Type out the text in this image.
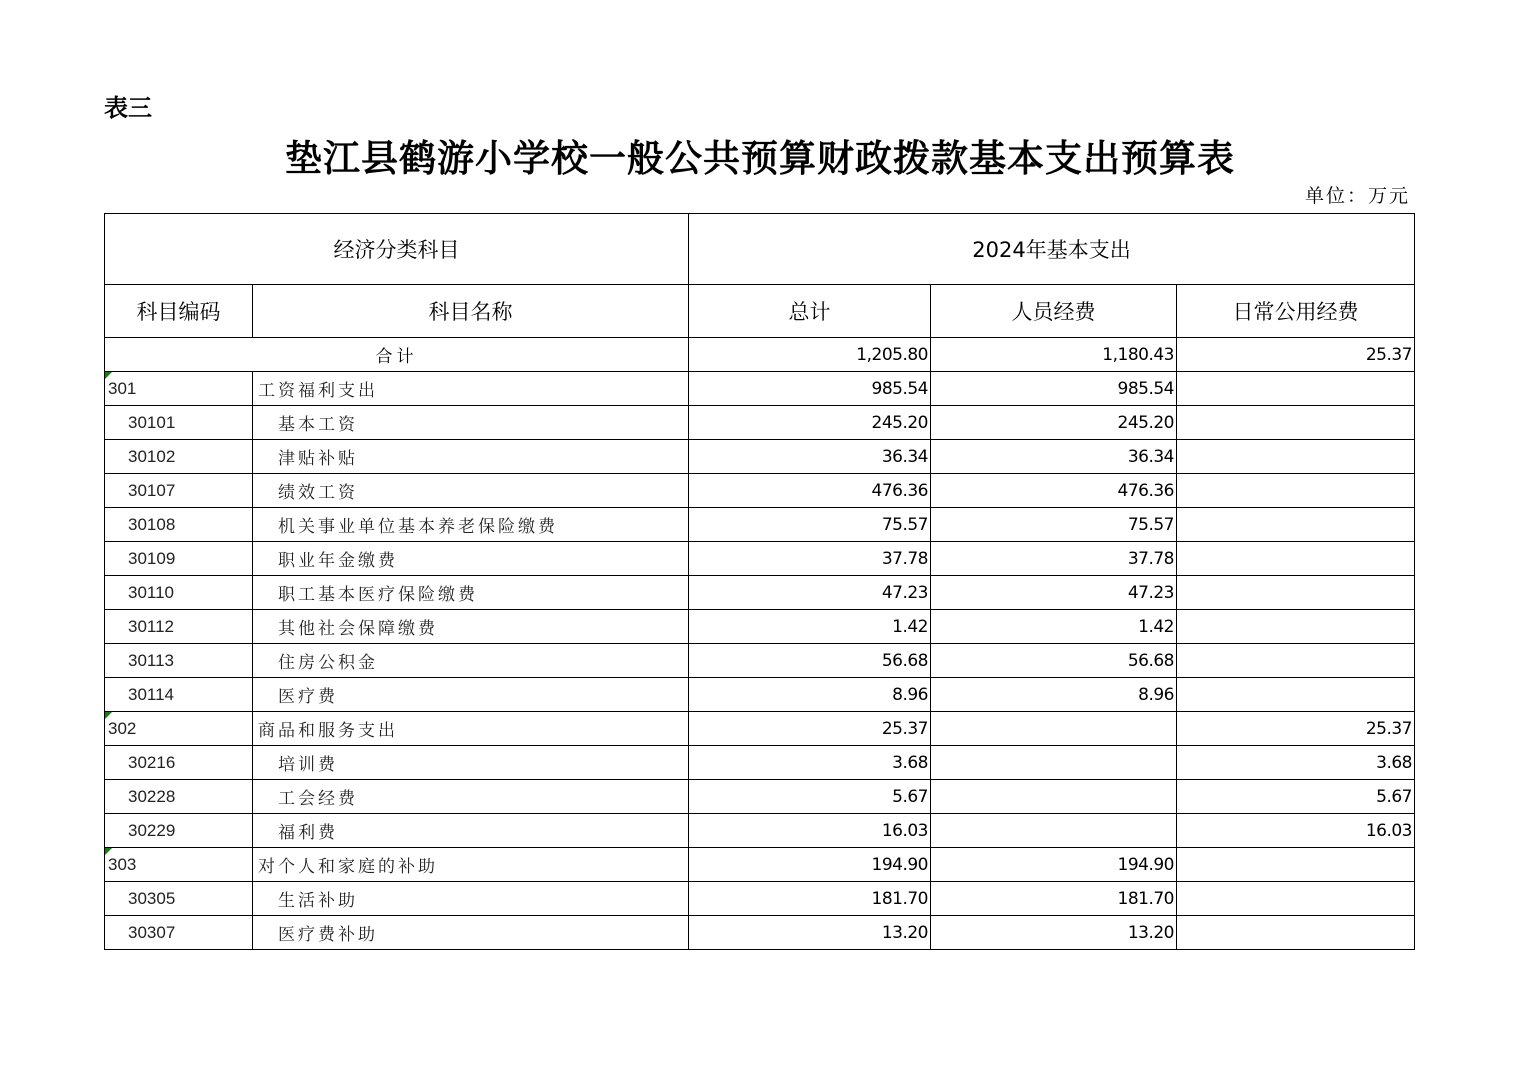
表三
垫江县鹤游小学校一般公共预算财政拨款基本支出预算表
单位：万元
经济分类科目		2024年基本支出		
科目编码	科目名称	总计	人员经费	日常公用经费
合计		1,205.80	1,180.43	25.37
301	工资福利支出	985.54	985.54	
30101	基本工资	245.20	245.20	
30102	津贴补贴	36.34	36.34	
30107	绩效工资	476.36	476.36	
30108	机关事业单位基本养老保险缴费	75.57	75.57	
30109	职业年金缴费	37.78	37.78	
30110	职工基本医疗保险缴费	47.23	47.23	
30112	其他社会保障缴费	1.42	1.42	
30113	住房公积金	56.68	56.68	
30114	医疗费	8.96	8.96	
302	商品和服务支出	25.37		25.37
30216	培训费	3.68		3.68
30228	工会经费	5.67		5.67
30229	福利费	16.03		16.03
303	对个人和家庭的补助	194.90	194.90	
30305	生活补助	181.70	181.70	
30307	医疗费补助	13.20	13.20	
